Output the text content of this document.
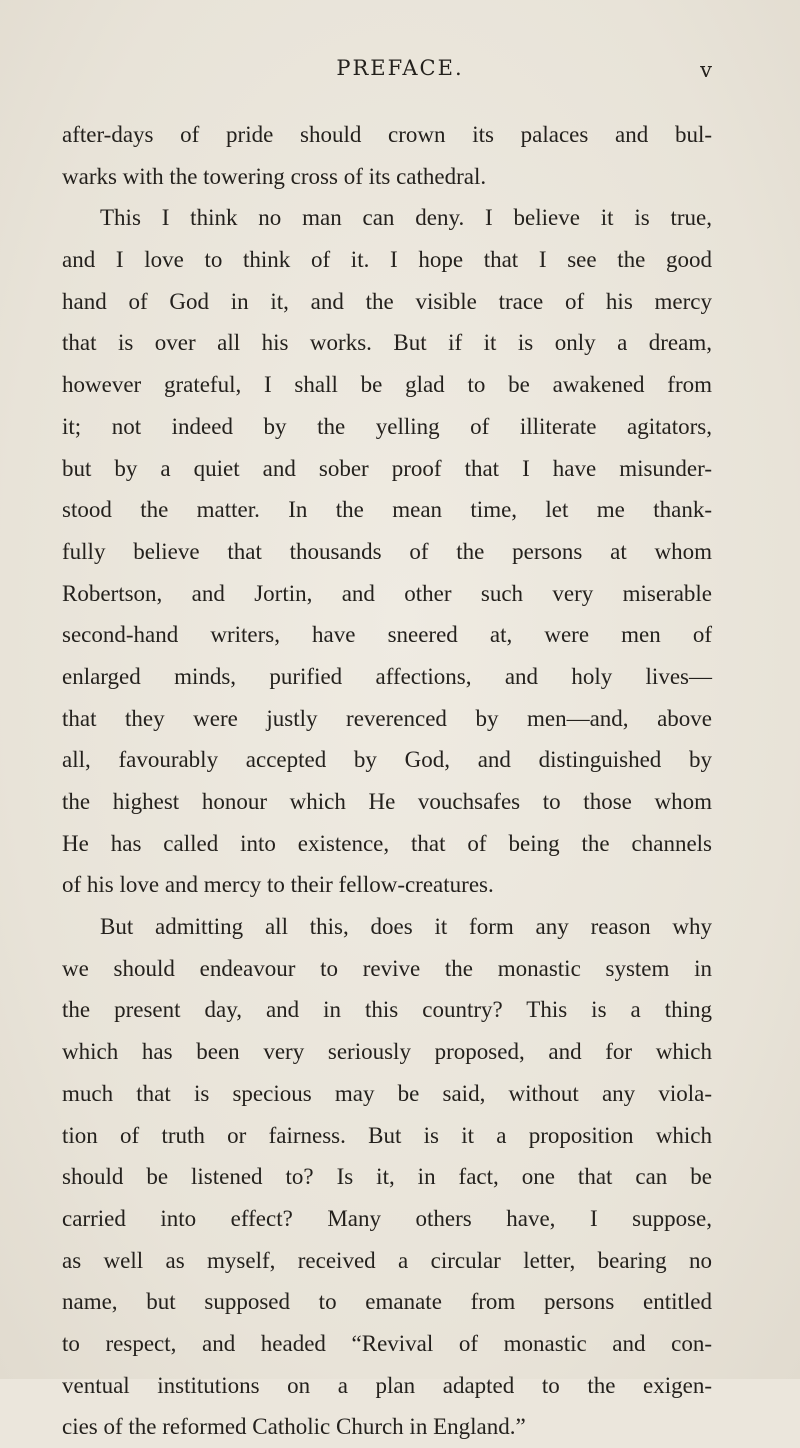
PREFACE.	v
after-days of pride should crown its palaces and bul-
warks with the towering cross of its cathedral.
This I think no man can deny. I believe it is true,
and I love to think of it. I hope that I see the good
hand of God in it, and the visible trace of his mercy
that is over all his works. But if it is only a dream,
however grateful, I shall be glad to be awakened from
it; not indeed by the yelling of illiterate agitators,
but by a quiet and sober proof that I have misunder-
stood the matter. In the mean time, let me thank-
fully believe that thousands of the persons at whom
Robertson, and Jortin, and other such very miserable
second-hand writers, have sneered at, were men of
enlarged minds, purified affections, and holy lives—
that they were justly reverenced by men—and, above
all, favourably accepted by God, and distinguished by
the highest honour which He vouchsafes to those whom
He has called into existence, that of being the channels
of his love and mercy to their fellow-creatures.
But admitting all this, does it form any reason why
we should endeavour to revive the monastic system in
the present day, and in this country? This is a thing
which has been very seriously proposed, and for which
much that is specious may be said, without any viola-
tion of truth or fairness. But is it a proposition which
should be listened to? Is it, in fact, one that can be
carried into effect? Many others have, I suppose,
as well as myself, received a circular letter, bearing no
name, but supposed to emanate from persons entitled
to respect, and headed “Revival of monastic and con-
ventual institutions on a plan adapted to the exigen-
cies of the reformed Catholic Church in England.”
